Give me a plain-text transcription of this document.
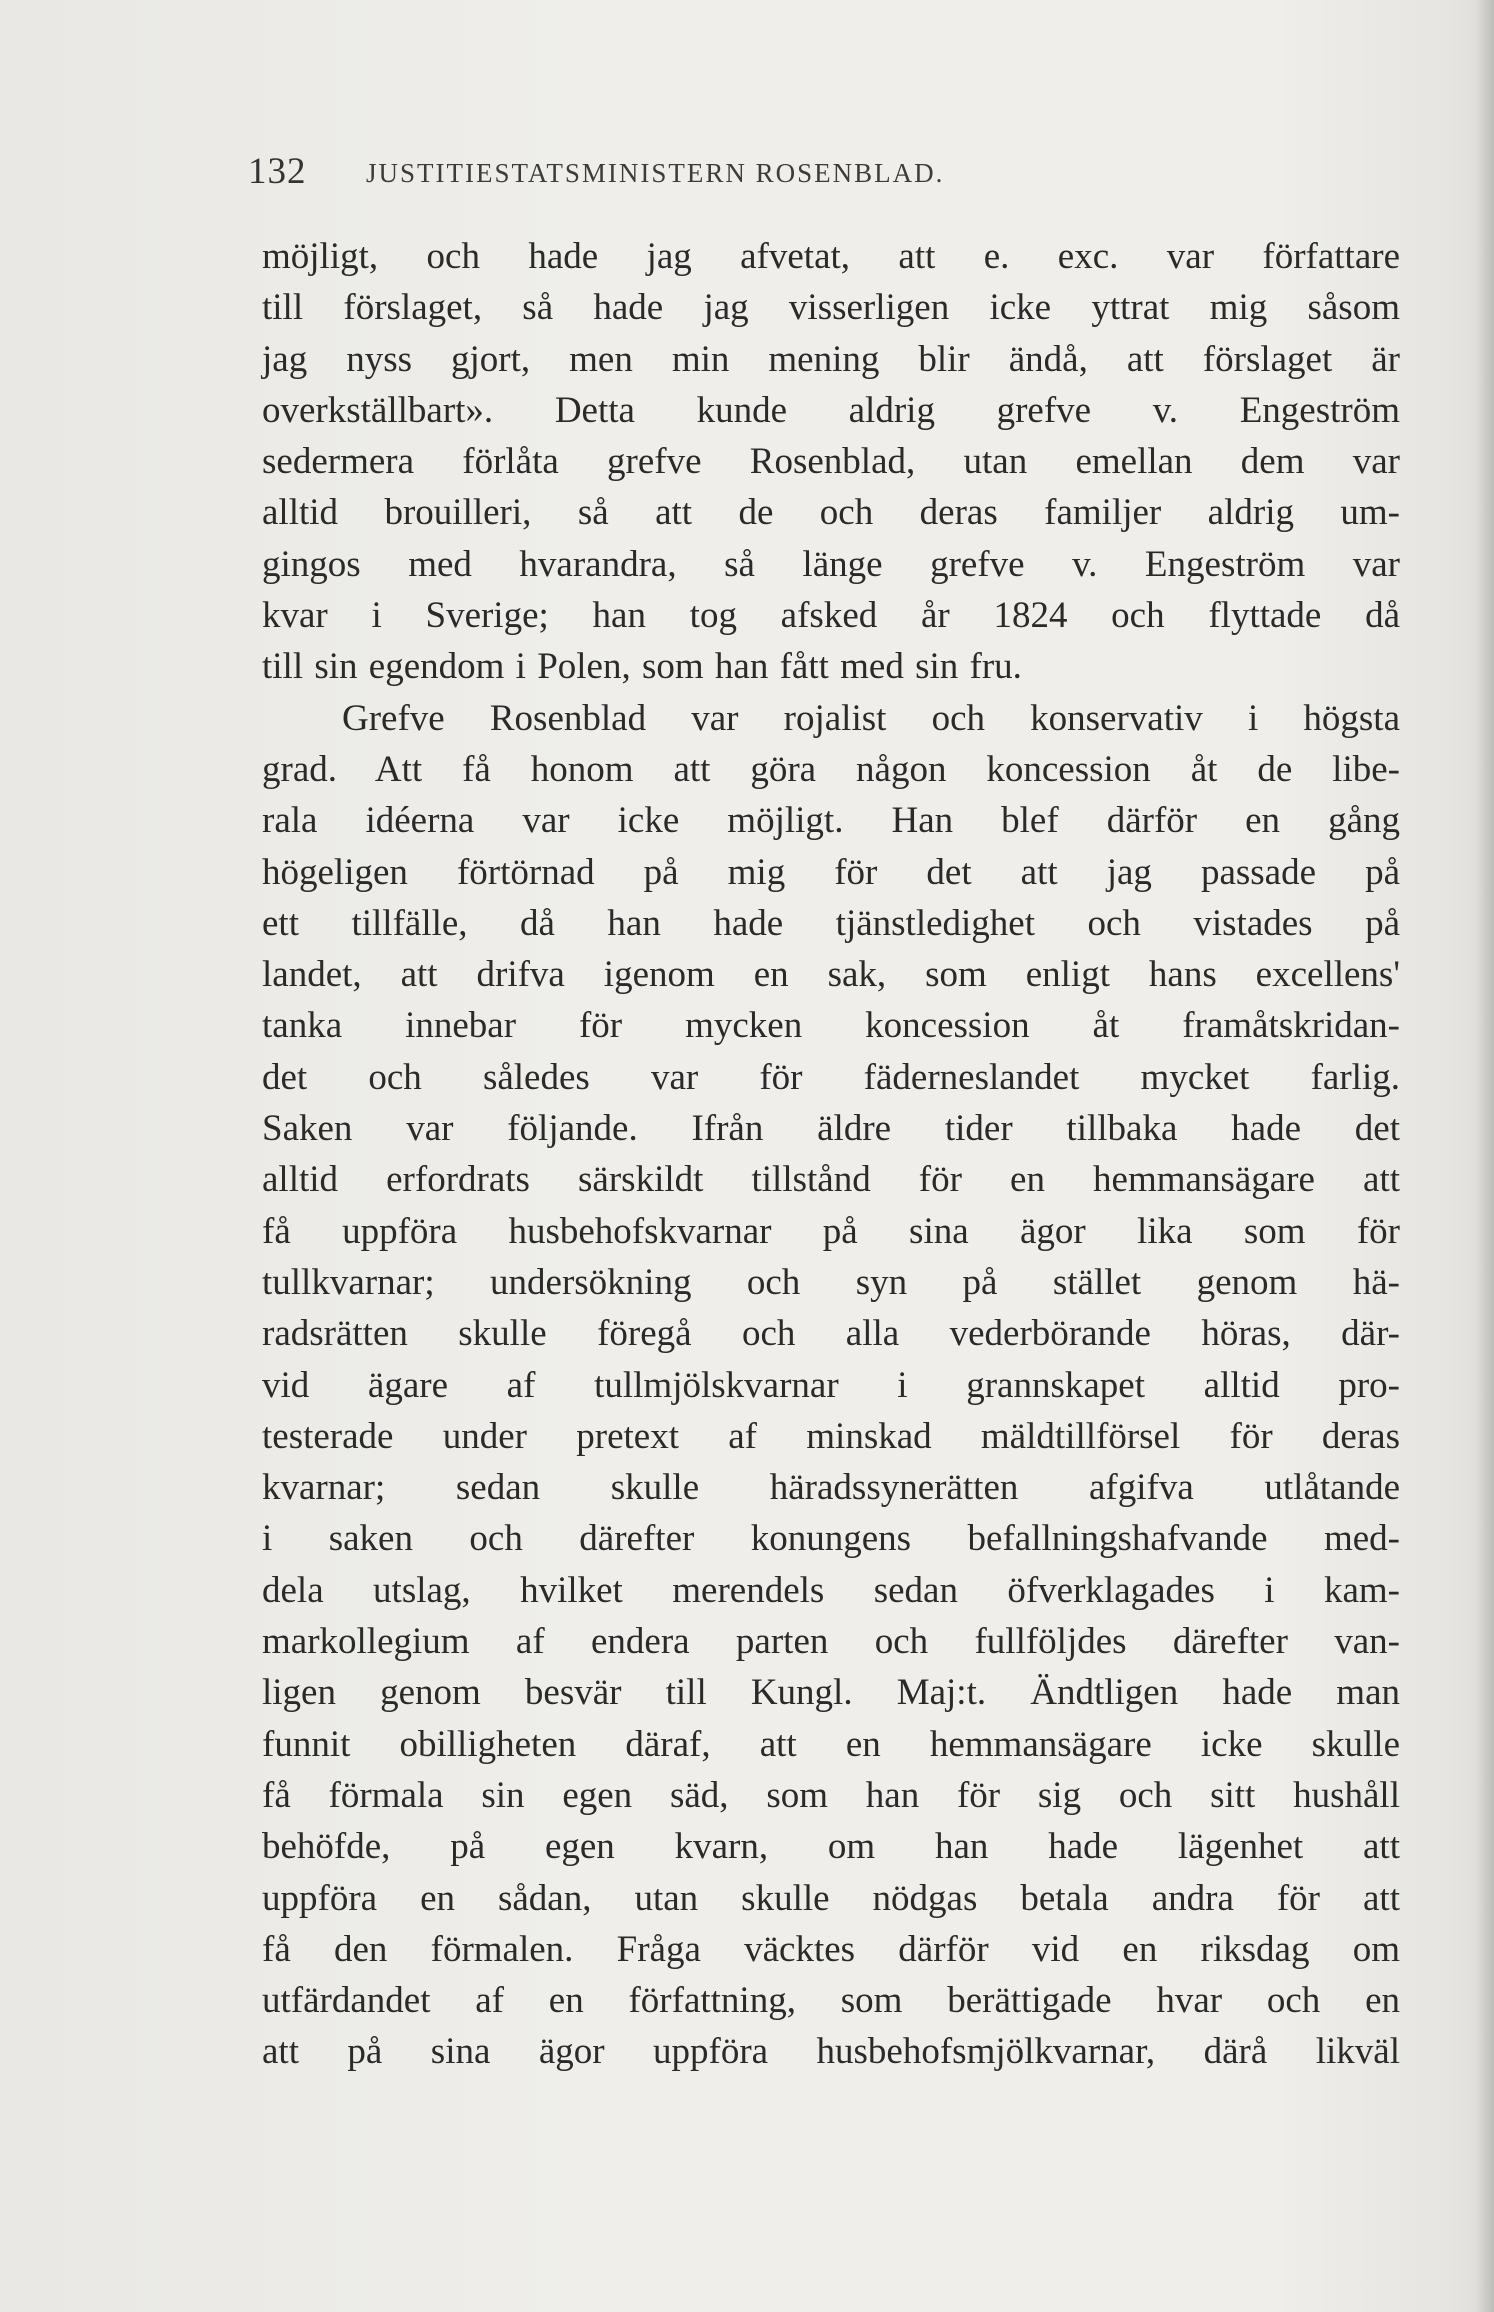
132 JUSTITIESTATSMINISTERN ROSENBLAD.
möjligt, och hade jag afvetat, att e. exc. var författare
till förslaget, så hade jag visserligen icke yttrat mig såsom
jag nyss gjort, men min mening blir ändå, att förslaget är
overkställbart». Detta kunde aldrig grefve v. Engeström
sedermera förlåta grefve Rosenblad, utan emellan dem var
alltid brouilleri, så att de och deras familjer aldrig um-
gingos med hvarandra, så länge grefve v. Engeström var
kvar i Sverige; han tog afsked år 1824 och flyttade då
till sin egendom i Polen, som han fått med sin fru.
Grefve Rosenblad var rojalist och konservativ i högsta
grad. Att få honom att göra någon koncession åt de libe-
rala idéerna var icke möjligt. Han blef därför en gång
högeligen förtörnad på mig för det att jag passade på
ett tillfälle, då han hade tjänstledighet och vistades på
landet, att drifva igenom en sak, som enligt hans excellens'
tanka innebar för mycken koncession åt framåtskridan-
det och således var för fäderneslandet mycket farlig.
Saken var följande. Ifrån äldre tider tillbaka hade det
alltid erfordrats särskildt tillstånd för en hemmansägare att
få uppföra husbehofskvarnar på sina ägor lika som för
tullkvarnar; undersökning och syn på stället genom hä-
radsrätten skulle föregå och alla vederbörande höras, där-
vid ägare af tullmjölskvarnar i grannskapet alltid pro-
testerade under pretext af minskad mäldtillförsel för deras
kvarnar; sedan skulle häradssynerätten afgifva utlåtande
i saken och därefter konungens befallningshafvande med-
dela utslag, hvilket merendels sedan öfverklagades i kam-
markollegium af endera parten och fullföljdes därefter van-
ligen genom besvär till Kungl. Maj:t. Ändtligen hade man
funnit obilligheten däraf, att en hemmansägare icke skulle
få förmala sin egen säd, som han för sig och sitt hushåll
behöfde, på egen kvarn, om han hade lägenhet att
uppföra en sådan, utan skulle nödgas betala andra för att
få den förmalen. Fråga väcktes därför vid en riksdag om
utfärdandet af en författning, som berättigade hvar och en
att på sina ägor uppföra husbehofsmjölkvarnar, därå likväl
